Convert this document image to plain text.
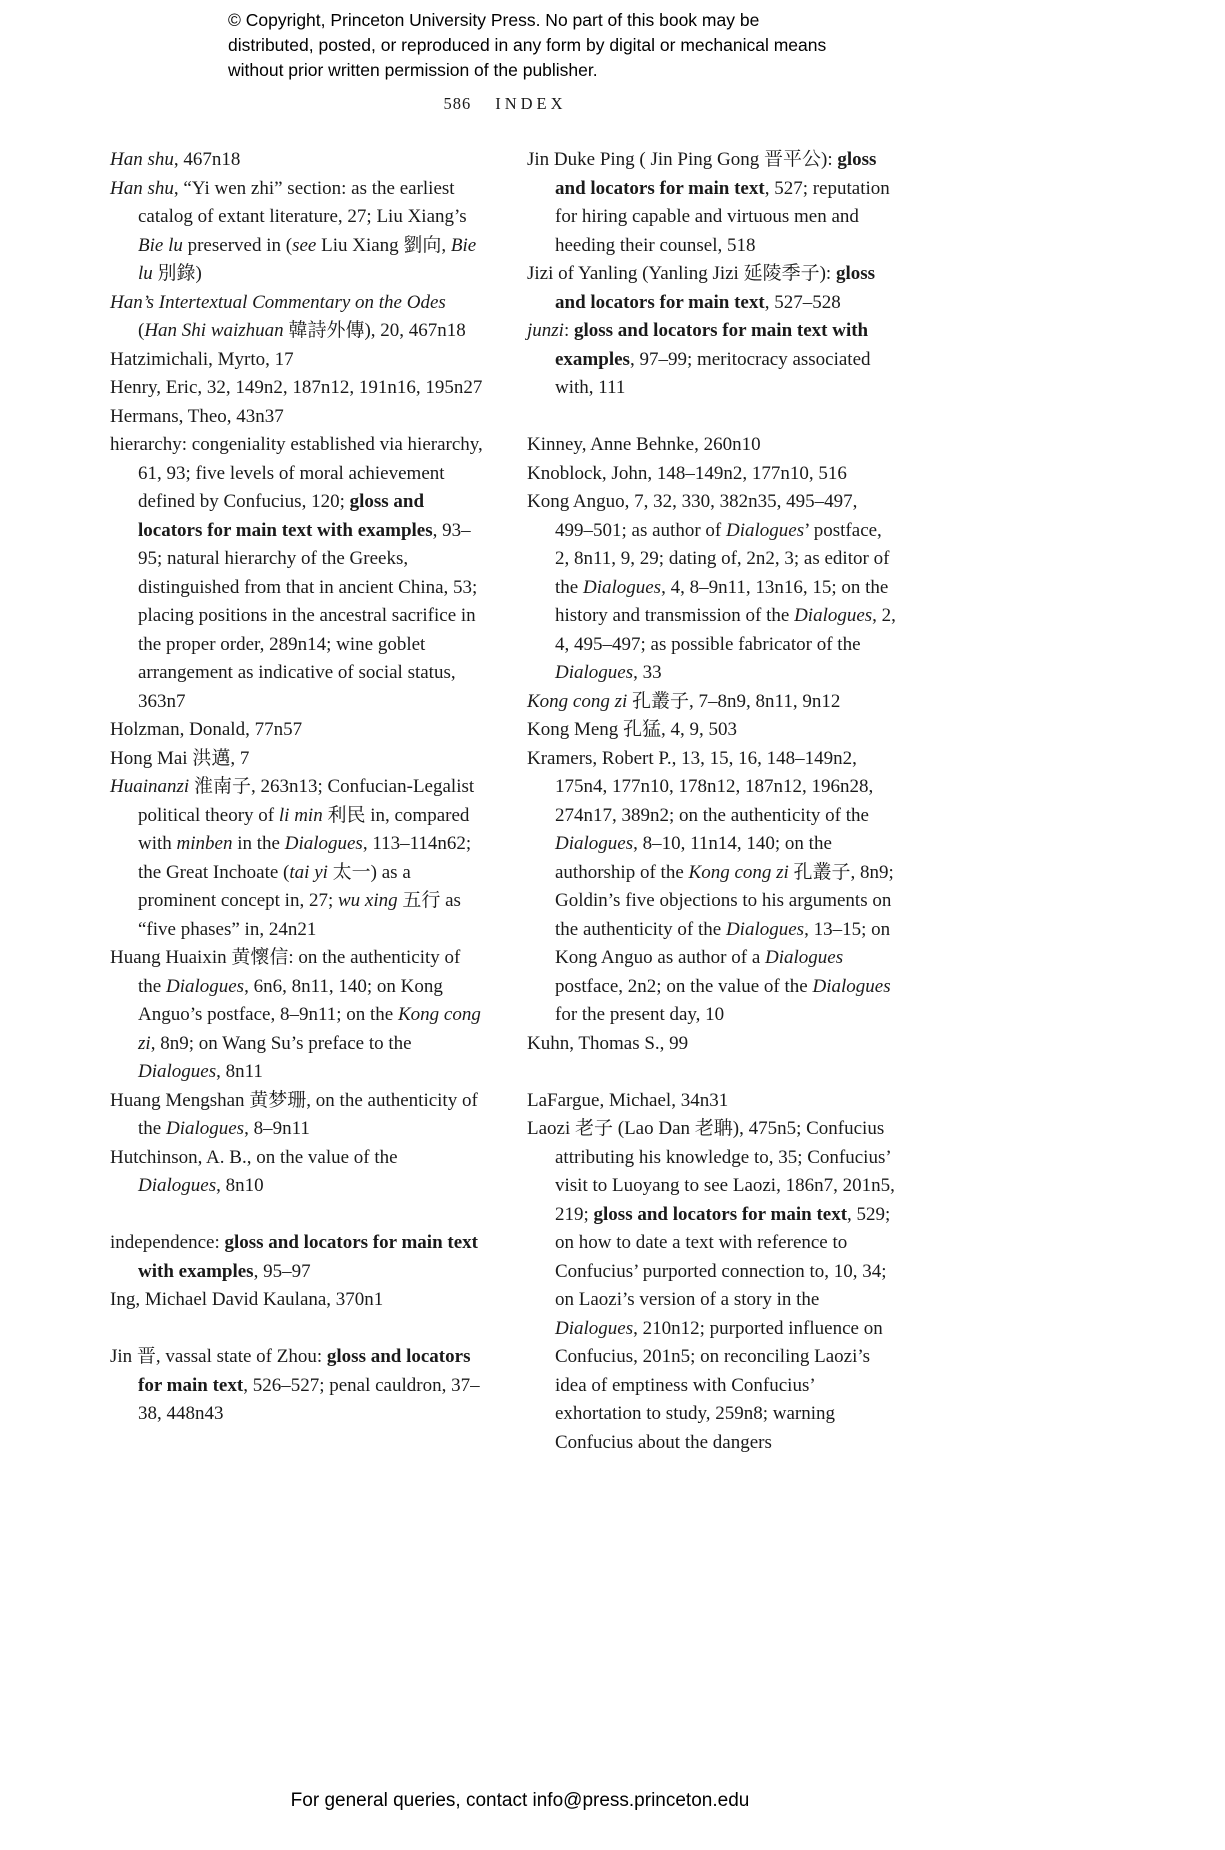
© Copyright, Princeton University Press. No part of this book may be distributed, posted, or reproduced in any form by digital or mechanical means without prior written permission of the publisher.

586 INDEX

Han shu, 467n18

Han shu, “Yi wen zhi” section: as the earliest catalog of extant literature, 27; Liu Xiang’s Bie lu preserved in (see Liu Xiang 劉向, Bie lu 別錄)

Han’s Intertextual Commentary on the Odes (Han Shi waizhuan 韓詩外傳), 20, 467n18

Hatzimichali, Myrto, 17

Henry, Eric, 32, 149n2, 187n12, 191n16, 195n27

Hermans, Theo, 43n37

hierarchy: congeniality established via hierarchy, 61, 93; five levels of moral achievement defined by Confucius, 120; gloss and locators for main text with examples, 93–95; natural hierarchy of the Greeks, distinguished from that in ancient China, 53; placing positions in the ancestral sacrifice in the proper order, 289n14; wine goblet arrangement as indicative of social status, 363n7

Holzman, Donald, 77n57

Hong Mai 洪邁, 7

Huainanzi 淮南子, 263n13; Confucian-Legalist political theory of li min 利民 in, compared with minben in the Dialogues, 113–114n62; the Great Inchoate (tai yi 太一) as a prominent concept in, 27; wu xing 五行 as “five phases” in, 24n21

Huang Huaixin 黄懷信: on the authenticity of the Dialogues, 6n6, 8n11, 140; on Kong Anguo’s postface, 8–9n11; on the Kong cong zi, 8n9; on Wang Su’s preface to the Dialogues, 8n11

Huang Mengshan 黄梦珊, on the authenticity of the Dialogues, 8–9n11

Hutchinson, A. B., on the value of the Dialogues, 8n10

independence: gloss and locators for main text with examples, 95–97

Ing, Michael David Kaulana, 370n1

Jin 晋, vassal state of Zhou: gloss and locators for main text, 526–527; penal cauldron, 37–38, 448n43

Jin Duke Ping ( Jin Ping Gong 晋平公): gloss and locators for main text, 527; reputation for hiring capable and virtuous men and heeding their counsel, 518

Jizi of Yanling (Yanling Jizi 延陵季子): gloss and locators for main text, 527–528

junzi: gloss and locators for main text with examples, 97–99; meritocracy associated with, 111

Kinney, Anne Behnke, 260n10

Knoblock, John, 148–149n2, 177n10, 516

Kong Anguo, 7, 32, 330, 382n35, 495–497, 499–501; as author of Dialogues’ postface, 2, 8n11, 9, 29; dating of, 2n2, 3; as editor of the Dialogues, 4, 8–9n11, 13n16, 15; on the history and transmission of the Dialogues, 2, 4, 495–497; as possible fabricator of the Dialogues, 33

Kong cong zi 孔叢子, 7–8n9, 8n11, 9n12

Kong Meng 孔猛, 4, 9, 503

Kramers, Robert P., 13, 15, 16, 148–149n2, 175n4, 177n10, 178n12, 187n12, 196n28, 274n17, 389n2; on the authenticity of the Dialogues, 8–10, 11n14, 140; on the authorship of the Kong cong zi 孔叢子, 8n9; Goldin’s five objections to his arguments on the authenticity of the Dialogues, 13–15; on Kong Anguo as author of a Dialogues postface, 2n2; on the value of the Dialogues for the present day, 10

Kuhn, Thomas S., 99

LaFargue, Michael, 34n31

Laozi 老子 (Lao Dan 老聃), 475n5; Confucius attributing his knowledge to, 35; Confucius’ visit to Luoyang to see Laozi, 186n7, 201n5, 219; gloss and locators for main text, 529; on how to date a text with reference to Confucius’ purported connection to, 10, 34; on Laozi’s version of a story in the Dialogues, 210n12; purported influence on Confucius, 201n5; on reconciling Laozi’s idea of emptiness with Confucius’ exhortation to study, 259n8; warning Confucius about the dangers

For general queries, contact info@press.princeton.edu
